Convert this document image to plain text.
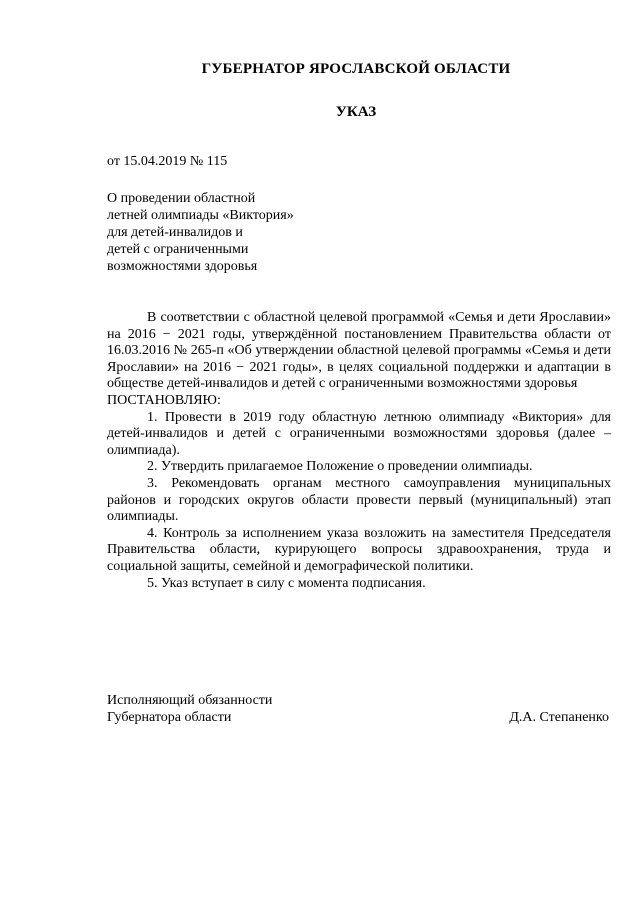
ГУБЕРНАТОР ЯРОСЛАВСКОЙ ОБЛАСТИ
УКАЗ
от 15.04.2019 № 115
О проведении областной
летней олимпиады «Виктория»
для детей-инвалидов и
детей с ограниченными
возможностями здоровья

В соответствии с областной целевой программой «Семья и дети Ярославии» на 2016 − 2021 годы, утверждённой постановлением Правительства области от 16.03.2016 № 265-п «Об утверждении областной целевой программы «Семья и дети Ярославии» на 2016 − 2021 годы», в целях социальной поддержки и адаптации в обществе детей-инвалидов и детей с ограниченными возможностями здоровья

ПОСТАНОВЛЯЮ:

1. Провести в 2019 году областную летнюю олимпиаду «Виктория» для детей-инвалидов и детей с ограниченными возможностями здоровья (далее – олимпиада).

2. Утвердить прилагаемое Положение о проведении олимпиады.

3. Рекомендовать органам местного самоуправления муниципальных районов и городских округов области провести первый (муниципальный) этап олимпиады.

4. Контроль за исполнением указа возложить на заместителя Председателя Правительства области, курирующего вопросы здравоохранения, труда и социальной защиты, семейной и демографической политики.

5. Указ вступает в силу с момента подписания.

Исполняющий обязанности
Губернатора области	Д.А. Степаненко
